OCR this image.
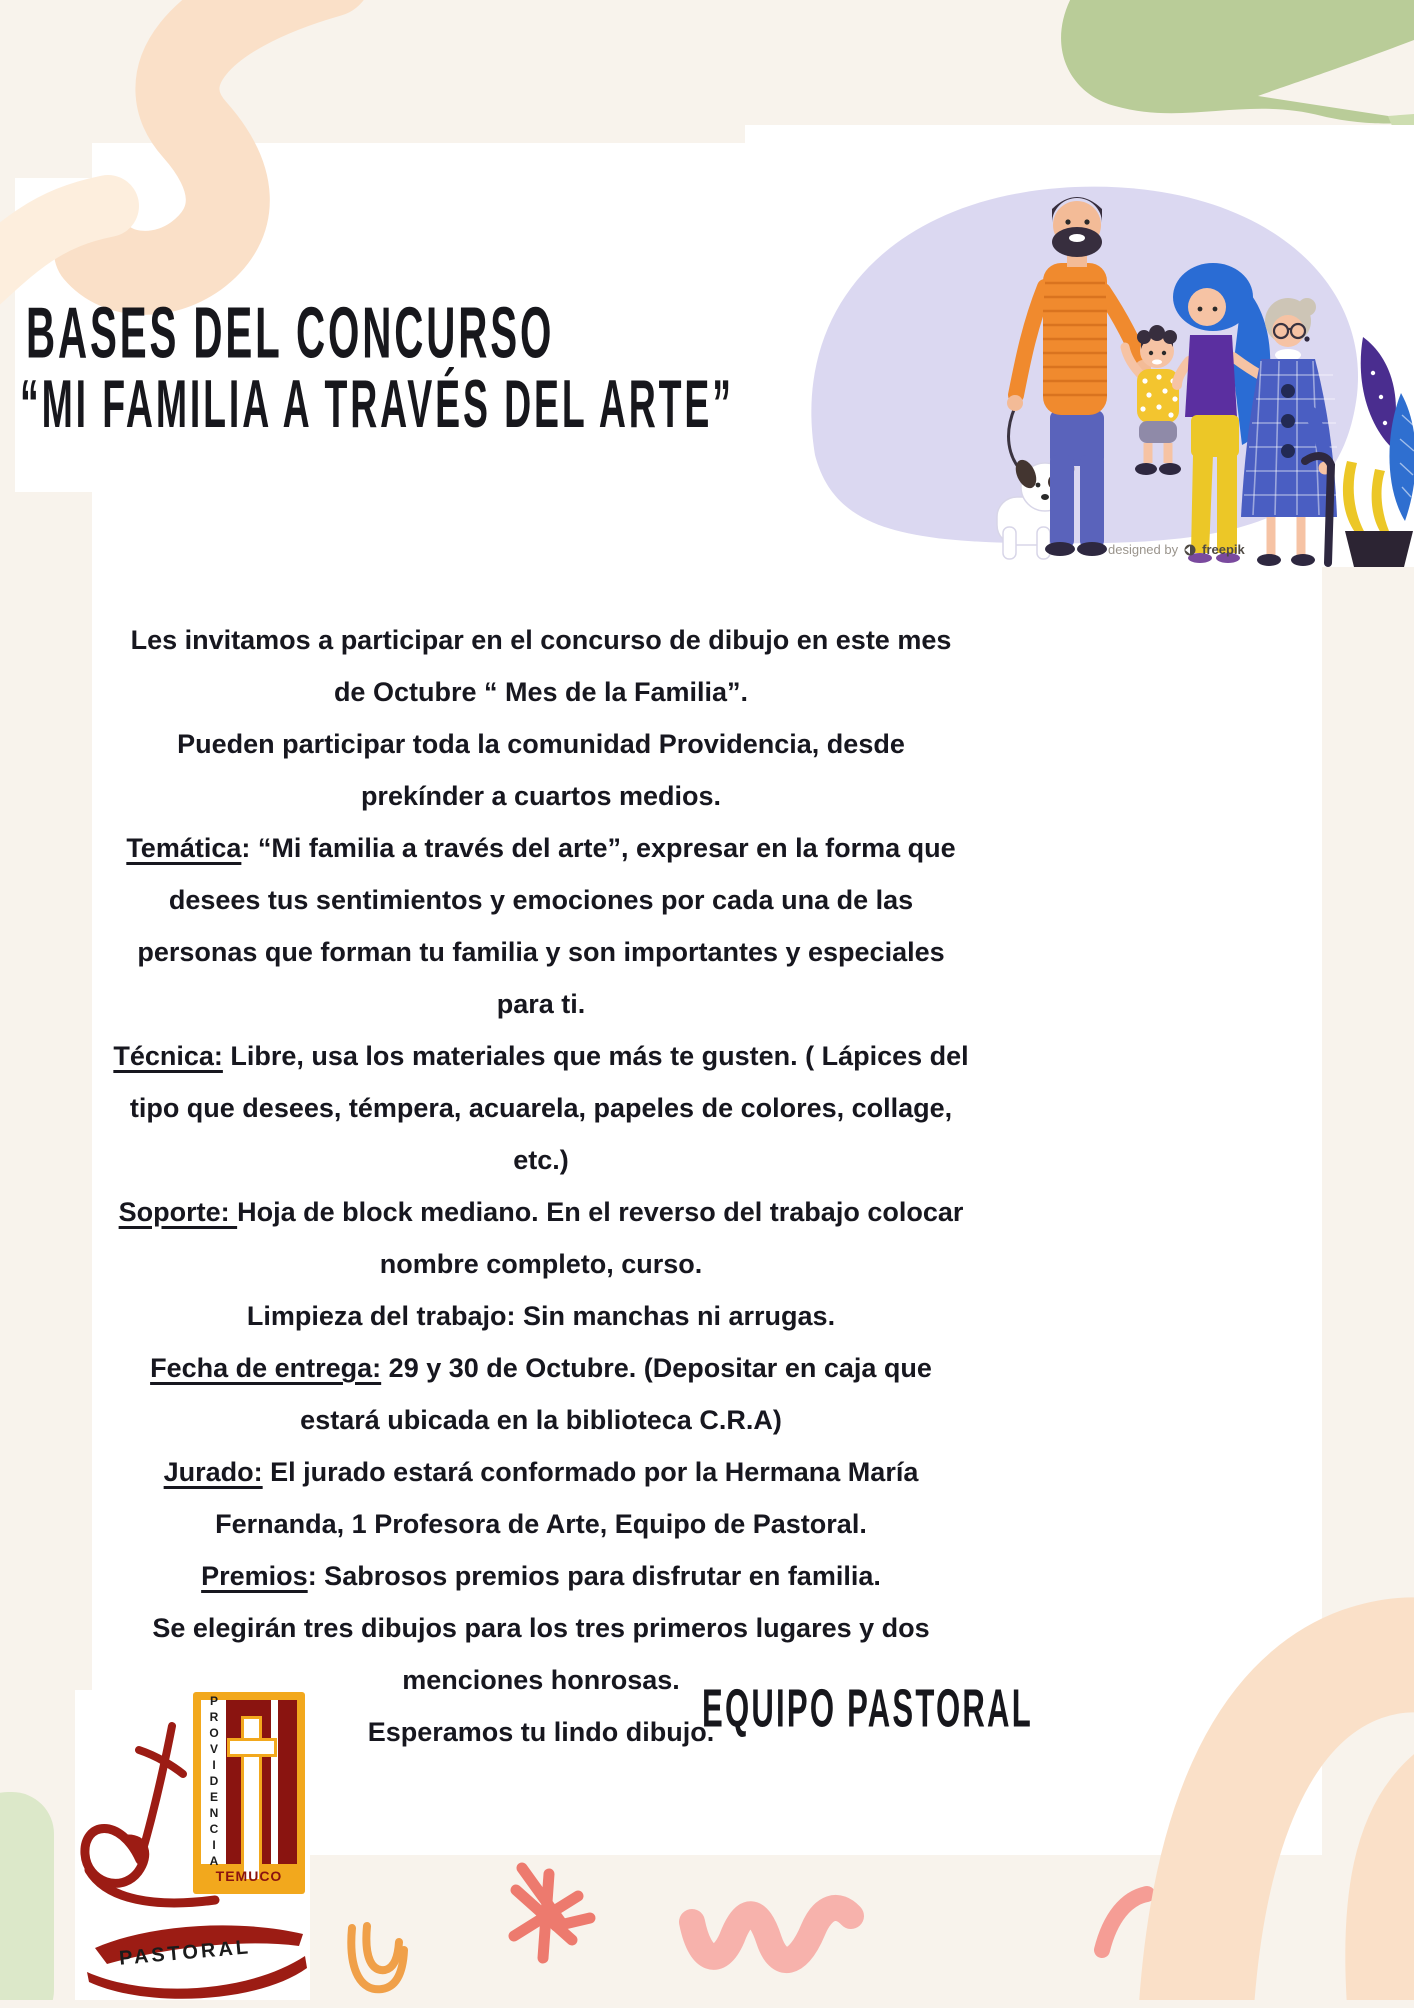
BASES DEL CONCURSO
“MI FAMILIA A TRAVÉS DEL ARTE”
Les invitamos a participar en el concurso de dibujo en este mes
de Octubre “ Mes de la Familia”.
Pueden participar toda la comunidad Providencia, desde
prekínder a cuartos medios.
Temática: “Mi familia a través del arte”, expresar en la forma que
desees tus sentimientos y emociones por cada una de las
personas que forman tu familia y son importantes y especiales
para ti.
Técnica: Libre, usa los materiales que más te gusten. ( Lápices del
tipo que desees, témpera, acuarela, papeles de colores, collage,
etc.)
Soporte: Hoja de block mediano. En el reverso del trabajo colocar
nombre completo, curso.
Limpieza del trabajo: Sin manchas ni arrugas.
Fecha de entrega: 29 y 30 de Octubre. (Depositar en caja que
estará ubicada en la biblioteca C.R.A)
Jurado: El jurado estará conformado por la Hermana María
Fernanda, 1 Profesora de Arte, Equipo de Pastoral.
Premios: Sabrosos premios para disfrutar en familia.
Se elegirán tres dibujos para los tres primeros lugares y dos
menciones honrosas.
Esperamos tu lindo dibujo.
EQUIPO PASTORAL
designed by freepik
PROVIDENCIA
TEMUCO
PASTORAL
